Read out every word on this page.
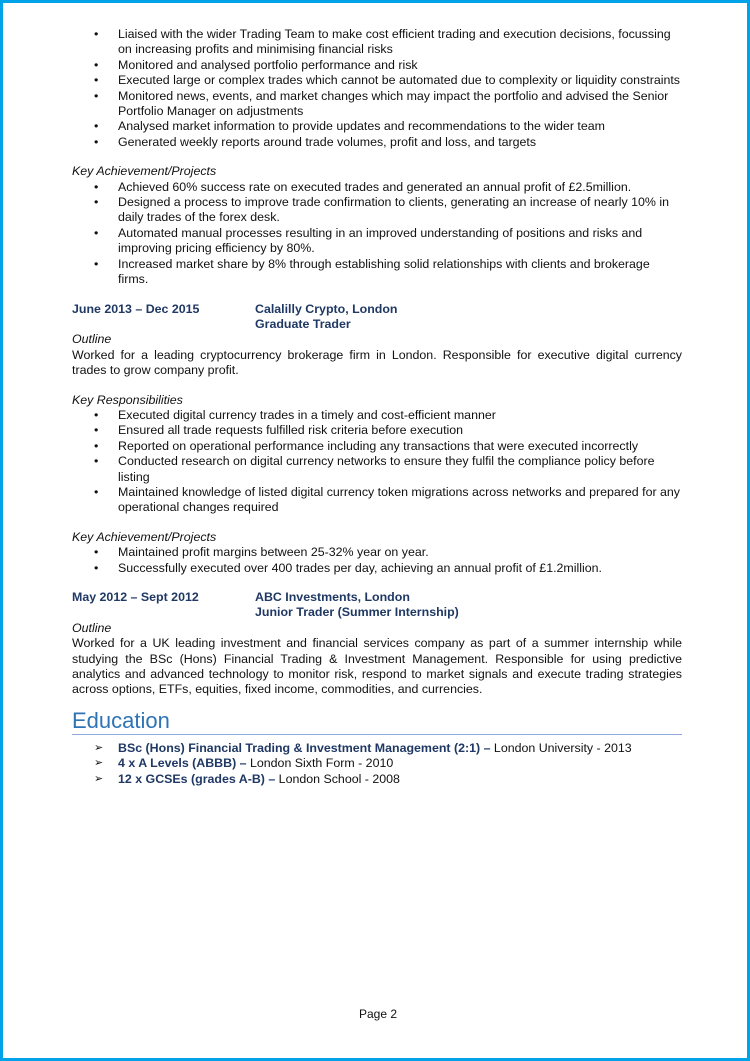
• Liaised with the wider Trading Team to make cost efficient trading and execution decisions, focussing on increasing profits and minimising financial risks
• Monitored and analysed portfolio performance and risk
• Executed large or complex trades which cannot be automated due to complexity or liquidity constraints
• Monitored news, events, and market changes which may impact the portfolio and advised the Senior Portfolio Manager on adjustments
• Analysed market information to provide updates and recommendations to the wider team
• Generated weekly reports around trade volumes, profit and loss, and targets
Key Achievement/Projects
• Achieved 60% success rate on executed trades and generated an annual profit of £2.5million.
• Designed a process to improve trade confirmation to clients, generating an increase of nearly 10% in daily trades of the forex desk.
• Automated manual processes resulting in an improved understanding of positions and risks and improving pricing efficiency by 80%.
• Increased market share by 8% through establishing solid relationships with clients and brokerage firms.
June 2013 – Dec 2015	Calalilly Crypto, London
Graduate Trader
Outline
Worked for a leading cryptocurrency brokerage firm in London. Responsible for executive digital currency trades to grow company profit.
Key Responsibilities
• Executed digital currency trades in a timely and cost-efficient manner
• Ensured all trade requests fulfilled risk criteria before execution
• Reported on operational performance including any transactions that were executed incorrectly
• Conducted research on digital currency networks to ensure they fulfil the compliance policy before listing
• Maintained knowledge of listed digital currency token migrations across networks and prepared for any operational changes required
Key Achievement/Projects
• Maintained profit margins between 25-32% year on year.
• Successfully executed over 400 trades per day, achieving an annual profit of £1.2million.
May 2012 – Sept 2012	ABC Investments, London
Junior Trader (Summer Internship)
Outline
Worked for a UK leading investment and financial services company as part of a summer internship while studying the BSc (Hons) Financial Trading & Investment Management. Responsible for using predictive analytics and advanced technology to monitor risk, respond to market signals and execute trading strategies across options, ETFs, equities, fixed income, commodities, and currencies.
Education
➢ BSc (Hons) Financial Trading & Investment Management (2:1) – London University - 2013
➢ 4 x A Levels (ABBB) – London Sixth Form - 2010
➢ 12 x GCSEs (grades A-B) – London School - 2008
Page 2
